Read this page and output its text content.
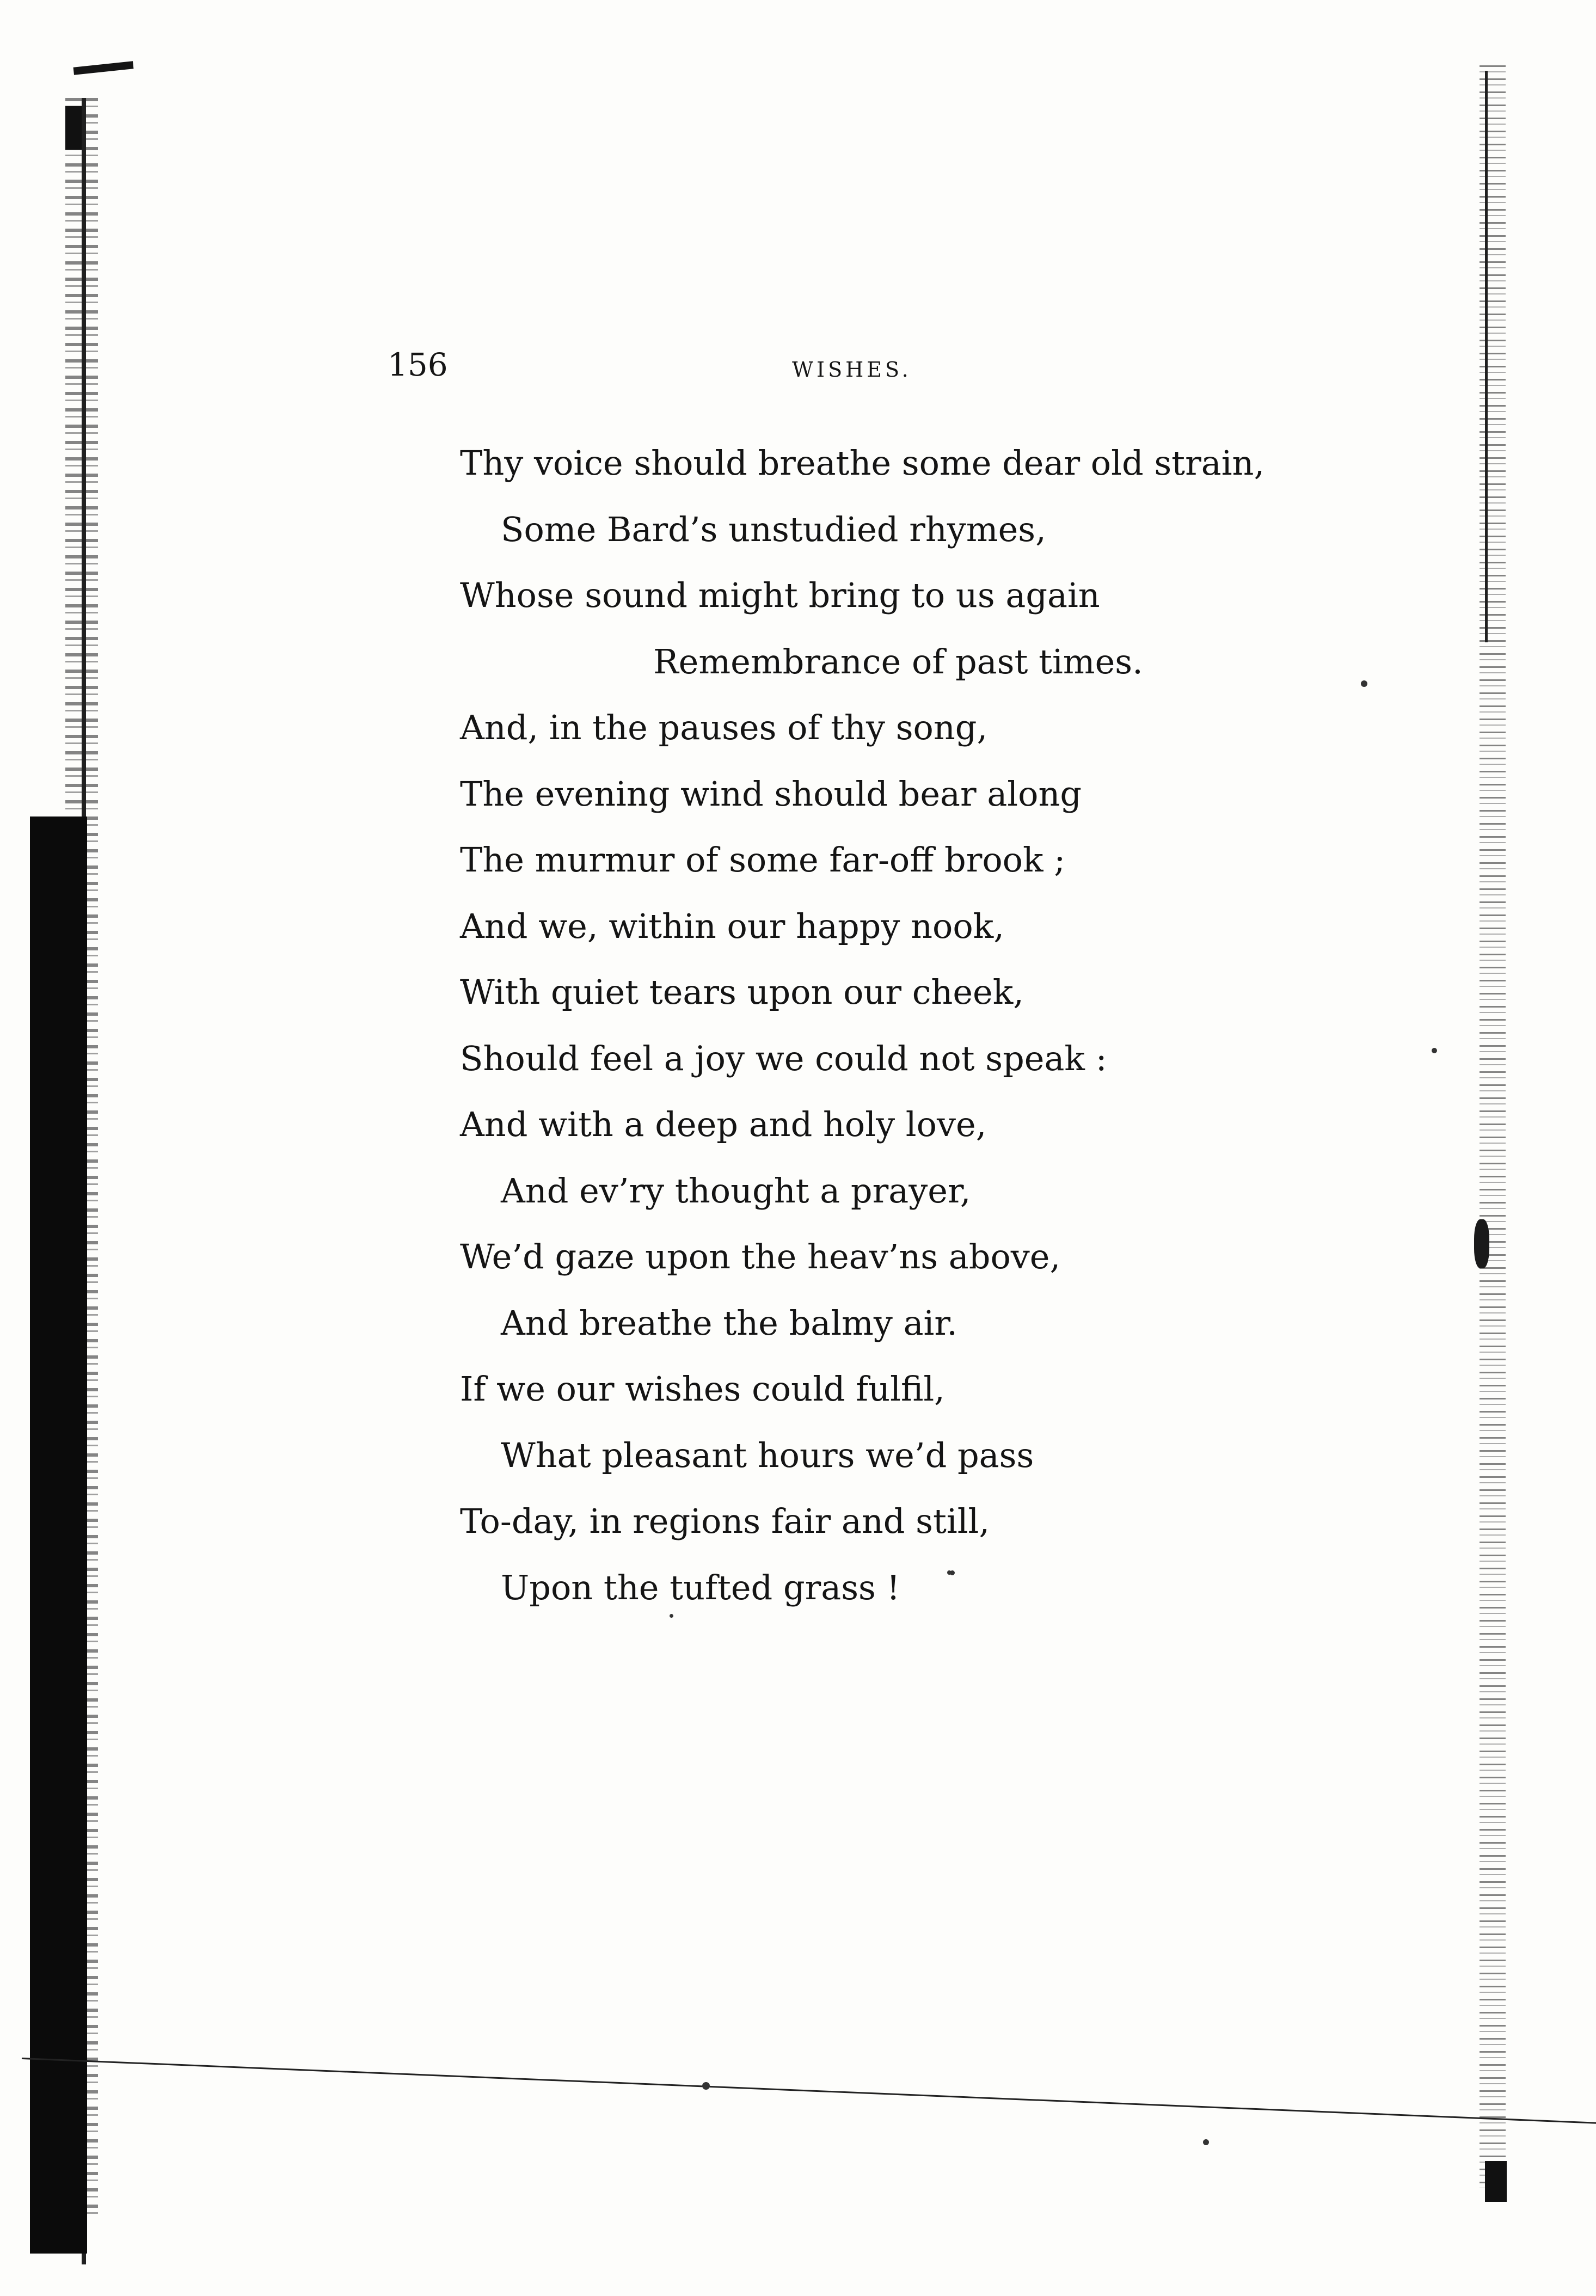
156	WISHES.
Thy voice should breathe some dear old strain,
Some Bard’s unstudied rhymes,
Whose sound might bring to us again
Remembrance of past times.
And, in the pauses of thy song,
The evening wind should bear along
The murmur of some far-off brook ;
And we, within our happy nook,
With quiet tears upon our cheek,
Should feel a joy we could not speak :
And with a deep and holy love,
And ev’ry thought a prayer,
We’d gaze upon the heav’ns above,
And breathe the balmy air.
If we our wishes could fulfil,
What pleasant hours we’d pass
To-day, in regions fair and still,
Upon the tufted grass !
